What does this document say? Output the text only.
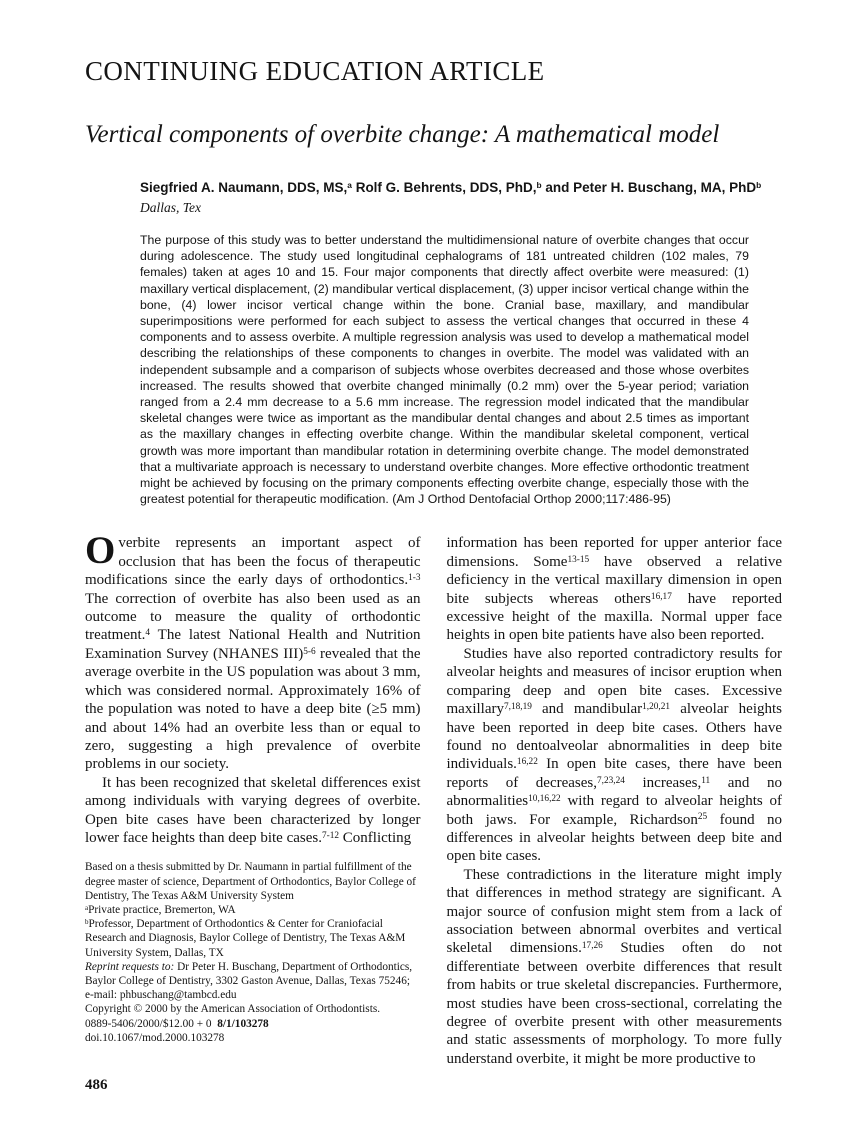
CONTINUING EDUCATION ARTICLE
Vertical components of overbite change: A mathematical model
Siegfried A. Naumann, DDS, MS,$^a$ Rolf G. Behrents, DDS, PhD,$^b$ and Peter H. Buschang, MA, PhD$^b$
Dallas, Tex

The purpose of this study was to better understand the multidimensional nature of overbite changes that occur during adolescence. The study used longitudinal cephalograms of 181 untreated children (102 males, 79 females) taken at ages 10 and 15. Four major components that directly affect overbite were measured: (1) maxillary vertical displacement, (2) mandibular vertical displacement, (3) upper incisor vertical change within the bone, (4) lower incisor vertical change within the bone. Cranial base, maxillary, and mandibular superimpositions were performed for each subject to assess the vertical changes that occurred in these 4 components and to assess overbite. A multiple regression analysis was used to develop a mathematical model describing the relationships of these components to changes in overbite. The model was validated with an independent subsample and a comparison of subjects whose overbites decreased and those whose overbites increased. The results showed that overbite changed minimally (0.2 mm) over the 5-year period; variation ranged from a 2.4 mm decrease to a 5.6 mm increase. The regression model indicated that the mandibular skeletal changes were twice as important as the mandibular dental changes and about 2.5 times as important as the maxillary changes in effecting overbite change. Within the mandibular skeletal component, vertical growth was more important than mandibular rotation in determining overbite change. The model demonstrated that a multivariate approach is necessary to understand overbite changes. More effective orthodontic treatment might be achieved by focusing on the primary components effecting overbite change, especially those with the greatest potential for therapeutic modification. (Am J Orthod Dentofacial Orthop 2000;117:486-95)

Overbite represents an important aspect of occlusion that has been the focus of therapeutic modifications since the early days of orthodontics.$^{1-3}$ The correction of overbite has also been used as an outcome to measure the quality of orthodontic treatment.$^4$ The latest National Health and Nutrition Examination Survey (NHANES III)$^{5-6}$ revealed that the average overbite in the US population was about 3 mm, which was considered normal. Approximately 16% of the population was noted to have a deep bite (≥5 mm) and about 14% had an overbite less than or equal to zero, suggesting a high prevalence of overbite problems in our society.

It has been recognized that skeletal differences exist among individuals with varying degrees of overbite. Open bite cases have been characterized by longer lower face heights than deep bite cases.$^{7-12}$ Conflicting

Based on a thesis submitted by Dr. Naumann in partial fulfillment of the degree master of science, Department of Orthodontics, Baylor College of Dentistry, The Texas A&M University System

$^a$Private practice, Bremerton, WA

$^b$Professor, Department of Orthodontics & Center for Craniofacial Research and Diagnosis, Baylor College of Dentistry, The Texas A&M University System, Dallas, TX

Reprint requests to: Dr Peter H. Buschang, Department of Orthodontics, Baylor College of Dentistry, 3302 Gaston Avenue, Dallas, Texas 75246; e-mail: phbuschang@tambcd.edu

Copyright © 2000 by the American Association of Orthodontists.

0889-5406/2000/$12.00 + 0  8/1/103278

doi.10.1067/mod.2000.103278

information has been reported for upper anterior face dimensions. Some$^{13-15}$ have observed a relative deficiency in the vertical maxillary dimension in open bite subjects whereas others$^{16,17}$ have reported excessive height of the maxilla. Normal upper face heights in open bite patients have also been reported.

Studies have also reported contradictory results for alveolar heights and measures of incisor eruption when comparing deep and open bite cases. Excessive maxillary$^{7,18,19}$ and mandibular$^{1,20,21}$ alveolar heights have been reported in deep bite cases. Others have found no dentoalveolar abnormalities in deep bite individuals.$^{16,22}$ In open bite cases, there have been reports of decreases,$^{7,23,24}$ increases,$^{11}$ and no abnormalities$^{10,16,22}$ with regard to alveolar heights of both jaws. For example, Richardson$^{25}$ found no differences in alveolar heights between deep bite and open bite cases.

These contradictions in the literature might imply that differences in method strategy are significant. A major source of confusion might stem from a lack of association between abnormal overbites and vertical skeletal dimensions.$^{17,26}$ Studies often do not differentiate between overbite differences that result from habits or true skeletal discrepancies. Furthermore, most studies have been cross-sectional, correlating the degree of overbite present with other measurements and static assessments of morphology. To more fully understand overbite, it might be more productive to

486
